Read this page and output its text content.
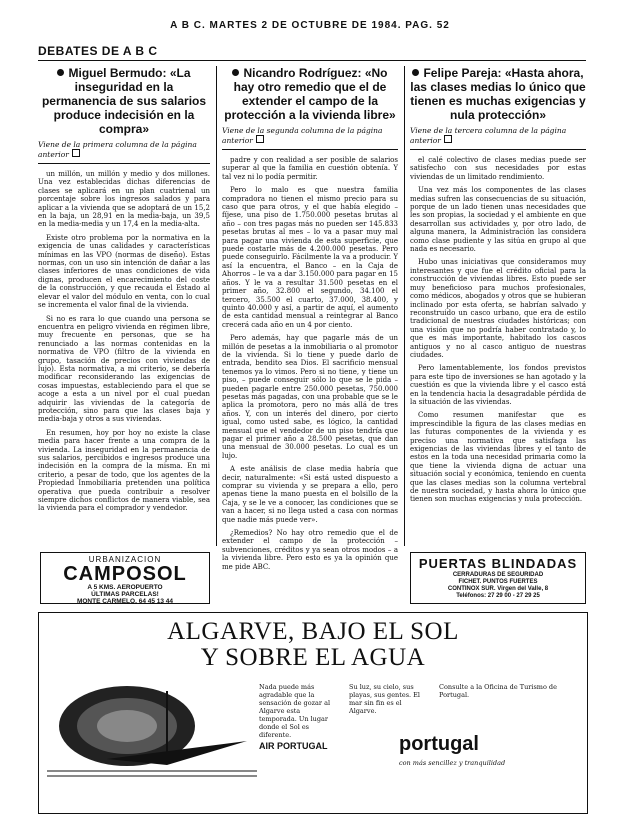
A B C. MARTES 2 DE OCTUBRE DE 1984. PAG. 52
DEBATES DE A B C
Miguel Bermudo: «La inseguridad en la permanencia de sus salarios produce indecisión en la compra»
Viene de la primera columna de la página anterior

un millón, un millón y medio y dos millones. Una vez establecidas dichas diferencias de clases se aplicará en un plan cuatrienal un porcentaje sobre los ingresos salados y para aplicar a la vivienda que se adoptará de un 15,2 en la baja, un 28,91 en la media-baja, un 39,5 en la media-media y un 17,4 en la media-alta.

Existe otro problema por la normativa en la exigencia de unas calidades y características mínimas en las VPO (normas de diseño). Estas normas, con un uso sin intención de dañar a las clases inferiores de unas condiciones de vida dignas, producen el encarecimiento del coste de la construcción, y que recauda el Estado al elevar el valor del módulo en venta, con lo cual se incrementa el valor final de la vivienda.

Si no es rara lo que cuando una persona se encuentra en peligro vivienda en régimen libre, muy frecuente en personas, que se ha renunciado a las normas contenidas en la normativa de VPO (filtro de la vivienda en grupo, tasación de precios con viviendas de lujo). Esta normativa, a mi criterio, se debería modificar reconsiderando las exigencias de cosas impuestas, estableciendo para el que se acoge a esta a un nivel por el cual puedan adquirir las viviendas de la categoría de protección, sino para que las clases baja y media-baja y otros a sus viviendas.

En resumen, hoy por hoy no existe la clase media para hacer frente a una compra de la vivienda. La inseguridad en la permanencia de sus salarios, percibidos e ingresos produce una indecisión en la compra de la misma. En mi criterio, a pesar de todo, que los agentes de la Propiedad Inmobiliaria pretenden una política operativa que pueda contribuir a resolver siempre dichos conflictos de manera viable, sea la vivienda para el comprador y vendedor.

Nicandro Rodríguez: «No hay otro remedio que el de extender el campo de la protección a la vivienda libre»
Viene de la segunda columna de la página anterior

padre y con realidad a ser posible de salarios superar al que la familia en cuestión obtenía. Y tal vez ni lo podía permitir.

Pero lo malo es que nuestra familia compradora no tienen el mismo precio para su caso que para otros, y el que había elegido – fíjese, una piso de 1.750.000 pesetas brutas al año – con tres pagas más no pueden ser 145.833 pesetas brutas al mes – lo va a pasar muy mal para pagar una vivienda de esta superficie, que puede costarle más de 4.200.000 pesetas. Pero puede conseguirlo. Fácilmente la va a producir. Y así la encuentra, el Banco – en la Caja de Ahorros – le va a dar 3.150.000 para pagar en 15 años. Y le va a resultar 31.500 pesetas en el primer año, 32.800 el segundo, 34.100 el tercero, 35.500 el cuarto, 37.000, 38.400, y quinto 40.000 y así, a partir de aquí, el aumento de esta cantidad mensual a reintegrar al Banco crecerá cada año en un 4 por ciento.

Pero además, hay que pagarle más de un millón de pesetas a la inmobiliaria o al promotor de la vivienda. Si lo tiene y puede darlo de entrada, bendito sea Dios. El sacrificio mensual tenemos ya lo vimos. Pero si no tiene, y tiene un piso, – puede conseguir sólo lo que se le pida – pueden pagarle entre 250.000 pesetas, 750.000 pesetas más pagadas, con una probable que se le aplica la promotora, pero no más allá de tres años. Y, con un interés del dinero, por cierto igual, como usted sabe, es lógico, la cantidad mensual que el vendedor de un piso tendría que pagar el primer año a 28.500 pesetas, que dan una mensual de 30.000 pesetas. Lo cual es un lujo.

A este análisis de clase media habría que decir, naturalmente: «Si está usted dispuesto a comprar su vivienda y se prepara a ello, pero apenas tiene la mano puesta en el bolsillo de la Caja, y se le ve a conocer, las condiciones que se van a hacer, si no llega usted a casa con normas que nadie más puede ver».

¿Remedios? No hay otro remedio que el de extender el campo de la protección – subvenciones, créditos y ya sean otros modos – a la vivienda libre. Pero esto es ya la opinión que me pide ABC.

Felipe Pareja: «Hasta ahora, las clases medias lo único que tienen es muchas exigencias y nula protección»
Viene de la tercera columna de la página anterior

el calé colectivo de clases medias puede ser satisfecho con sus necesidades por estas viviendas de un limitado rendimiento.

Una vez más los componentes de las clases medias sufren las consecuencias de su situación, porque de un lado tienen unas necesidades que les son propias, la sociedad y el ambiente en que desarrollan sus actividades y, por otro lado, de alguna manera, la Administración las considera como clase pudiente y las sitúa en grupo al que nada es necesario.

Hubo unas iniciativas que consideramos muy interesantes y que fue el crédito oficial para la construcción de viviendas libres. Esto puede ser muy beneficioso para muchos profesionales, como médicos, abogados y otros que se hubieran inclinado por esta oferta, se habrían salvado y reconstruido un casco urbano, que era de estilo tradicional de nuestras ciudades históricas; con una visión que no podría haber contratado y, lo que es más importante, habitado los cascos antiguos y no al casco antiguo de nuestras ciudades.

Pero lamentablemente, los fondos previstos para este tipo de inversiones se han agotado y la cuestión es que la vivienda libre y el casco está en la tendencia hacia la desagradable pérdida de la situación de las viviendas.

Como resumen manifestar que es imprescindible la figura de las clases medias en las futuras componentes de la vivienda y es preciso una normativa que satisfaga las exigencias de las viviendas libres y el tanto de estos en la toda una necesidad primaria como la que tiene la vivienda digna de actuar una situación social y económica, teniendo en cuenta que las clases medias son la columna vertebral de nuestra sociedad, y hasta ahora lo único que tienen son muchas exigencias y nula protección.

URBANIZACION
CAMPOSOL
A 5 KMS. AEROPUERTO
ÚLTIMAS PARCELAS!
MONTE CARMELO, 64 45 13 44
PUERTAS BLINDADAS
CERRADURAS DE SEGURIDAD
FICHET. PUNTOS FUERTES
CONTINOX SUR. Virgen del Valle, 8
Teléfonos: 27 29 00 - 27 29 25
ALGARVE, BAJO EL SOL
Y SOBRE EL AGUA
Nada puede más agradable que la sensación de gozar al Algarve esta temporada. Un lugar donde el Sol es diferente.
Su luz, su cielo, sus playas, sus gentes. El mar sin fin es el Algarve.
Consulte a la Oficina de Turismo de Portugal.
AIR PORTUGAL	portugal
con más sencillez y tranquilidad
